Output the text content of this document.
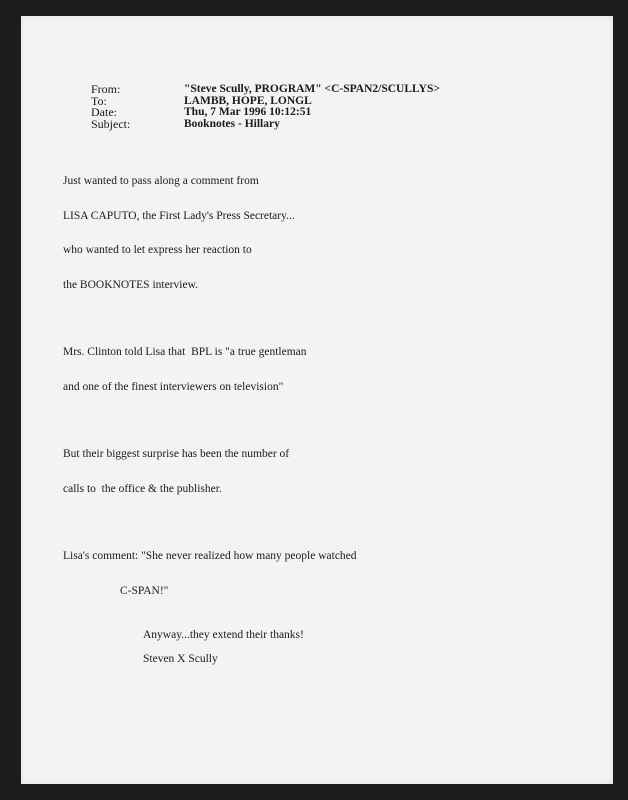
From:	"Steve Scully, PROGRAM" <C-SPAN2/SCULLYS>
To:	LAMBB, HOPE, LONGL
Date:	Thu, 7 Mar 1996 10:12:51
Subject:	Booknotes - Hillary

Just wanted to pass along a comment from

LISA CAPUTO, the First Lady's Press Secretary...

who wanted to let express her reaction to

the BOOKNOTES interview.

Mrs. Clinton told Lisa that  BPL is "a true gentleman

and one of the finest interviewers on television"

But their biggest surprise has been the number of

calls to  the office & the publisher.

Lisa's comment: "She never realized how many people watched

C-SPAN!"

Anyway...they extend their thanks!
Steven X Scully
